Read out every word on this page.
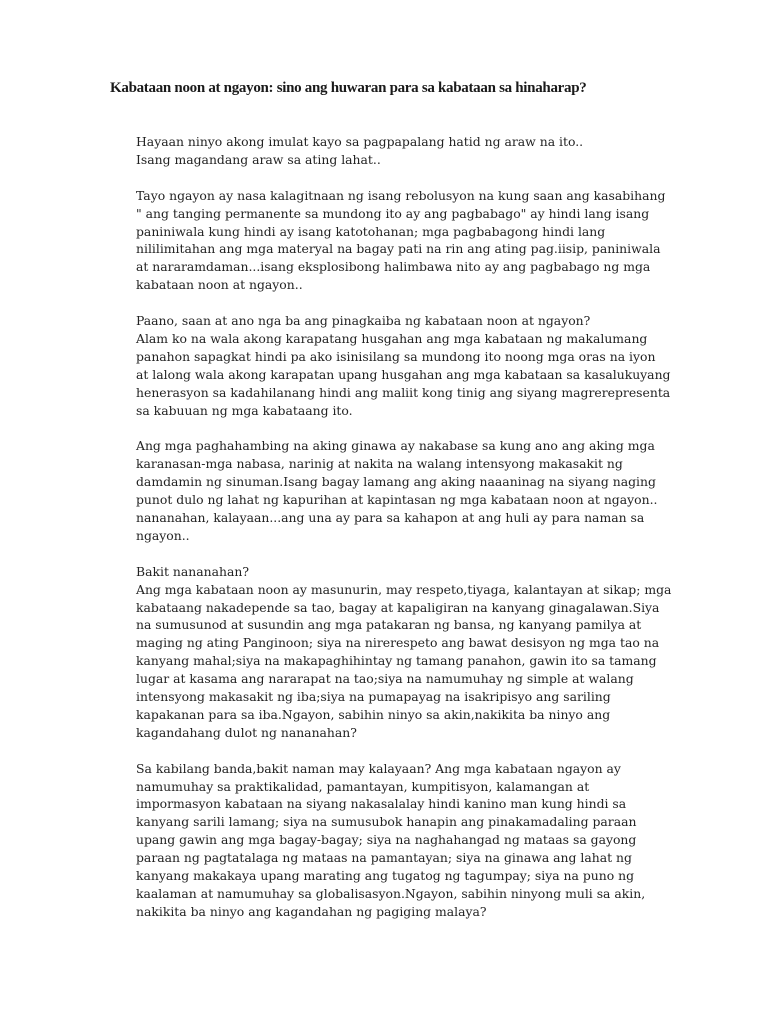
Kabataan noon at ngayon: sino ang huwaran para sa kabataan sa hinaharap?

Hayaan ninyo akong imulat kayo sa pagpapalang hatid ng araw na ito..
Isang magandang araw sa ating lahat..

Tayo ngayon ay nasa kalagitnaan ng isang rebolusyon na kung saan ang kasabihang
" ang tanging permanente sa mundong ito ay ang pagbabago" ay hindi lang isang
paniniwala kung hindi ay isang katotohanan; mga pagbabagong hindi lang
nililimitahan ang mga materyal na bagay pati na rin ang ating pag.iisip, paniniwala
at nararamdaman...isang eksplosibong halimbawa nito ay ang pagbabago ng mga
kabataan noon at ngayon..

Paano, saan at ano nga ba ang pinagkaiba ng kabataan noon at ngayon?
Alam ko na wala akong karapatang husgahan ang mga kabataan ng makalumang
panahon sapagkat hindi pa ako isinisilang sa mundong ito noong mga oras na iyon
at lalong wala akong karapatan upang husgahan ang mga kabataan sa kasalukuyang
henerasyon sa kadahilanang hindi ang maliit kong tinig ang siyang magrerepresenta
sa kabuuan ng mga kabataang ito.

Ang mga paghahambing na aking ginawa ay nakabase sa kung ano ang aking mga
karanasan-mga nabasa, narinig at nakita na walang intensyong makasakit ng
damdamin ng sinuman.Isang bagay lamang ang aking naaaninag na siyang naging
punot dulo ng lahat ng kapurihan at kapintasan ng mga kabataan noon at ngayon..
nananahan, kalayaan...ang una ay para sa kahapon at ang huli ay para naman sa
ngayon..

Bakit nananahan?
Ang mga kabataan noon ay masunurin, may respeto,tiyaga, kalantayan at sikap; mga
kabataang nakadepende sa tao, bagay at kapaligiran na kanyang ginagalawan.Siya
na sumusunod at susundin ang mga patakaran ng bansa, ng kanyang pamilya at
maging ng ating Panginoon; siya na nirerespeto ang bawat desisyon ng mga tao na
kanyang mahal;siya na makapaghihintay ng tamang panahon, gawin ito sa tamang
lugar at kasama ang nararapat na tao;siya na namumuhay ng simple at walang
intensyong makasakit ng iba;siya na pumapayag na isakripisyo ang sariling
kapakanan para sa iba.Ngayon, sabihin ninyo sa akin,nakikita ba ninyo ang
kagandahang dulot ng nananahan?

Sa kabilang banda,bakit naman may kalayaan? Ang mga kabataan ngayon ay
namumuhay sa praktikalidad, pamantayan, kumpitisyon, kalamangan at
impormasyon kabataan na siyang nakasalalay hindi kanino man kung hindi sa
kanyang sarili lamang; siya na sumusubok hanapin ang pinakamadaling paraan
upang gawin ang mga bagay-bagay; siya na naghahangad ng mataas sa gayong
paraan ng pagtatalaga ng mataas na pamantayan; siya na ginawa ang lahat ng
kanyang makakaya upang marating ang tugatog ng tagumpay; siya na puno ng
kaalaman at namumuhay sa globalisasyon.Ngayon, sabihin ninyong muli sa akin,
nakikita ba ninyo ang kagandahan ng pagiging malaya?
